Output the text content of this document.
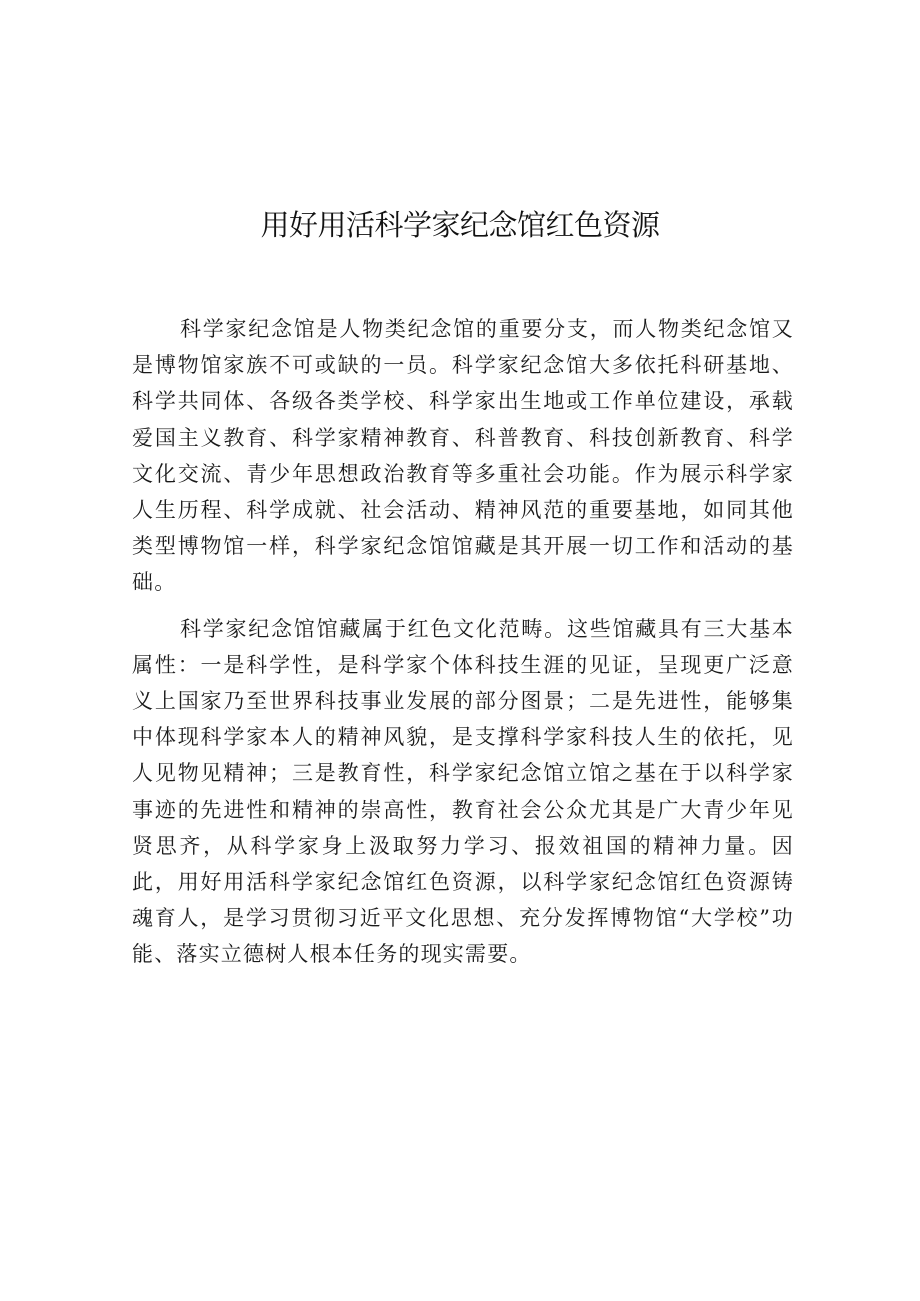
用好用活科学家纪念馆红色资源

科学家纪念馆是人物类纪念馆的重要分支，而人物类纪念馆又是博物馆家族不可或缺的一员。科学家纪念馆大多依托科研基地、科学共同体、各级各类学校、科学家出生地或工作单位建设，承载爱国主义教育、科学家精神教育、科普教育、科技创新教育、科学文化交流、青少年思想政治教育等多重社会功能。作为展示科学家人生历程、科学成就、社会活动、精神风范的重要基地，如同其他类型博物馆一样，科学家纪念馆馆藏是其开展一切工作和活动的基础。

科学家纪念馆馆藏属于红色文化范畴。这些馆藏具有三大基本属性：一是科学性，是科学家个体科技生涯的见证，呈现更广泛意义上国家乃至世界科技事业发展的部分图景；二是先进性，能够集中体现科学家本人的精神风貌，是支撑科学家科技人生的依托，见人见物见精神；三是教育性，科学家纪念馆立馆之基在于以科学家事迹的先进性和精神的崇高性，教育社会公众尤其是广大青少年见贤思齐，从科学家身上汲取努力学习、报效祖国的精神力量。因此，用好用活科学家纪念馆红色资源，以科学家纪念馆红色资源铸魂育人，是学习贯彻习近平文化思想、充分发挥博物馆“大学校”功能、落实立德树人根本任务的现实需要。
